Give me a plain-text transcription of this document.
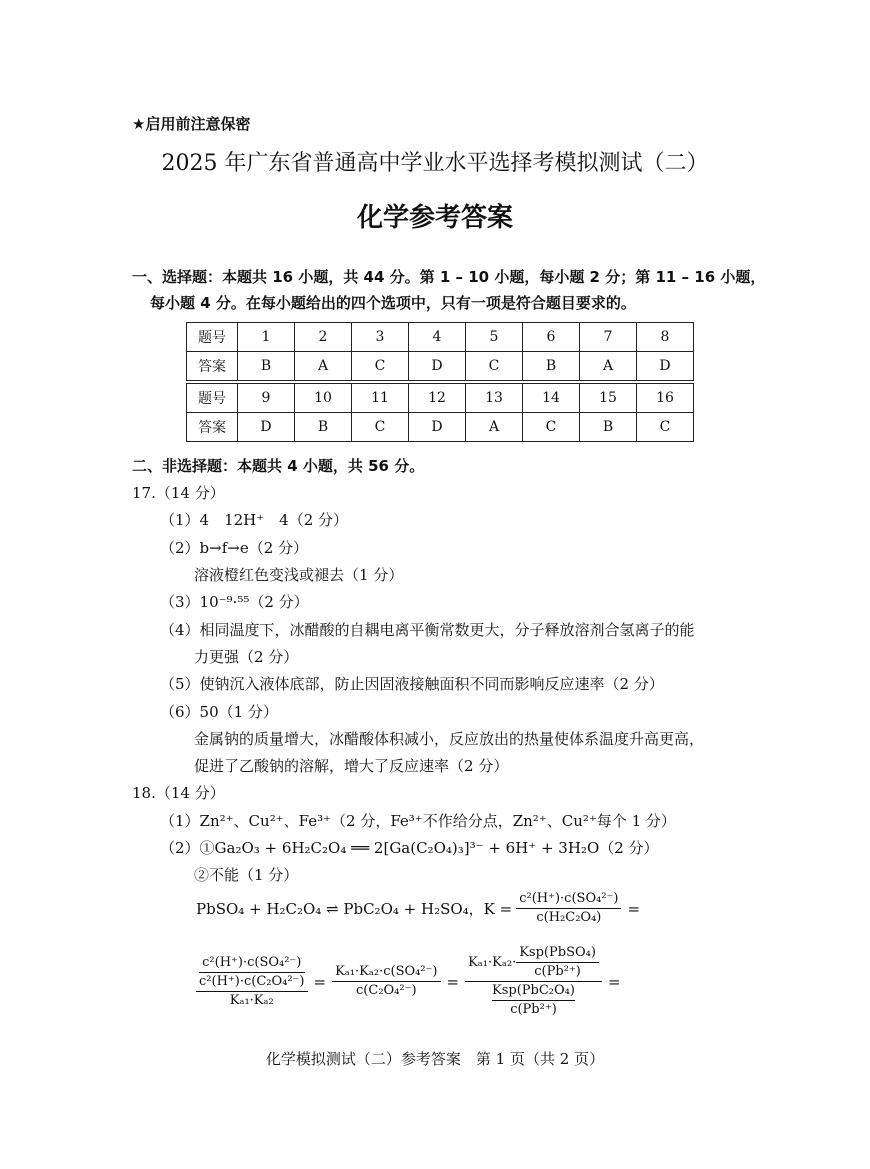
★启用前注意保密
2025 年广东省普通高中学业水平选择考模拟测试（二）
化学参考答案
一、选择题：本题共 16 小题，共 44 分。第 1 – 10 小题，每小题 2 分；第 11 – 16 小题，
每小题 4 分。在每小题给出的四个选项中，只有一项是符合题目要求的。
题号	1	2	3	4	5	6	7	8
答案	B	A	C	D	C	B	A	D
题号	9	10	11	12	13	14	15	16
答案	D	B	C	D	A	C	B	C
二、非选择题：本题共 4 小题，共 56 分。
17.（14 分）
（1）4　12H⁺　4（2 分）
（2）b→f→e（2 分）
溶液橙红色变浅或褪去（1 分）
（3）10⁻⁹·⁵⁵（2 分）
（4）相同温度下，冰醋酸的自耦电离平衡常数更大，分子释放溶剂合氢离子的能
力更强（2 分）
（5）使钠沉入液体底部，防止因固液接触面积不同而影响反应速率（2 分）
（6）50（1 分）
金属钠的质量增大，冰醋酸体积减小，反应放出的热量使体系温度升高更高，
促进了乙酸钠的溶解，增大了反应速率（2 分）
18.（14 分）
（1）Zn²⁺、Cu²⁺、Fe³⁺（2 分，Fe³⁺不作给分点，Zn²⁺、Cu²⁺每个 1 分）
（2）①Ga₂O₃ + 6H₂C₂O₄ ══ 2[Ga(C₂O₄)₃]³⁻ + 6H⁺ + 3H₂O（2 分）
②不能（1 分）
PbSO₄ + H₂C₂O₄ ⇌ PbC₂O₄ + H₂SO₄，$K = \frac{\text{c²(H⁺)·c(SO₄²⁻)}}{\text{c(H₂C₂O₄)}}$ =
$\frac{\frac{\text{c²(H⁺)·c(SO₄²⁻)}}{\text{c²(H⁺)·c(C₂O₄²⁻)}}}{\text{Kₐ₁·Kₐ₂}} = \frac{\text{Kₐ₁·Kₐ₂·c(SO₄²⁻)}}{\text{c(C₂O₄²⁻)}} = K_{a1}\cdot K_{a2}\cdot \frac{\text{Ksp(PbSO₄)}}{\text{c(Pb²⁺)}}$
Ksp(PbC₂O₄)
c(Pb²⁺) =
化学模拟测试（二）参考答案　第 1 页（共 2 页）
